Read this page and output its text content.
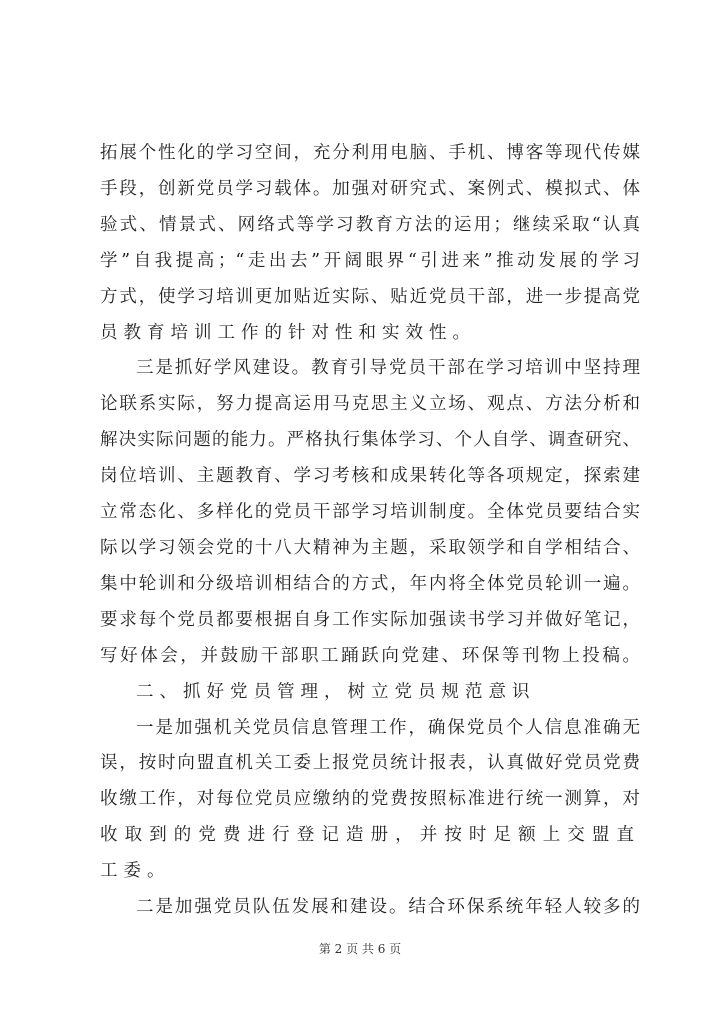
拓展个性化的学习空间，充分利用电脑、手机、博客等现代传媒
手段，创新党员学习载体。加强对研究式、案例式、模拟式、体
验式、情景式、网络式等学习教育方法的运用；继续采取“认真
学”自我提高；“走出去”开阔眼界“引进来”推动发展的学习
方式，使学习培训更加贴近实际、贴近党员干部，进一步提高党
员教育培训工作的针对性和实效性。
三是抓好学风建设。教育引导党员干部在学习培训中坚持理
论联系实际，努力提高运用马克思主义立场、观点、方法分析和
解决实际问题的能力。严格执行集体学习、个人自学、调查研究、
岗位培训、主题教育、学习考核和成果转化等各项规定，探索建
立常态化、多样化的党员干部学习培训制度。全体党员要结合实
际以学习领会党的十八大精神为主题，采取领学和自学相结合、
集中轮训和分级培训相结合的方式，年内将全体党员轮训一遍。
要求每个党员都要根据自身工作实际加强读书学习并做好笔记，
写好体会，并鼓励干部职工踊跃向党建、环保等刊物上投稿。
二、抓好党员管理，树立党员规范意识
一是加强机关党员信息管理工作，确保党员个人信息准确无
误，按时向盟直机关工委上报党员统计报表，认真做好党员党费
收缴工作，对每位党员应缴纳的党费按照标准进行统一测算，对
收取到的党费进行登记造册，并按时足额上交盟直工委。
二是加强党员队伍发展和建设。结合环保系统年轻人较多的
第 2 页 共 6 页
